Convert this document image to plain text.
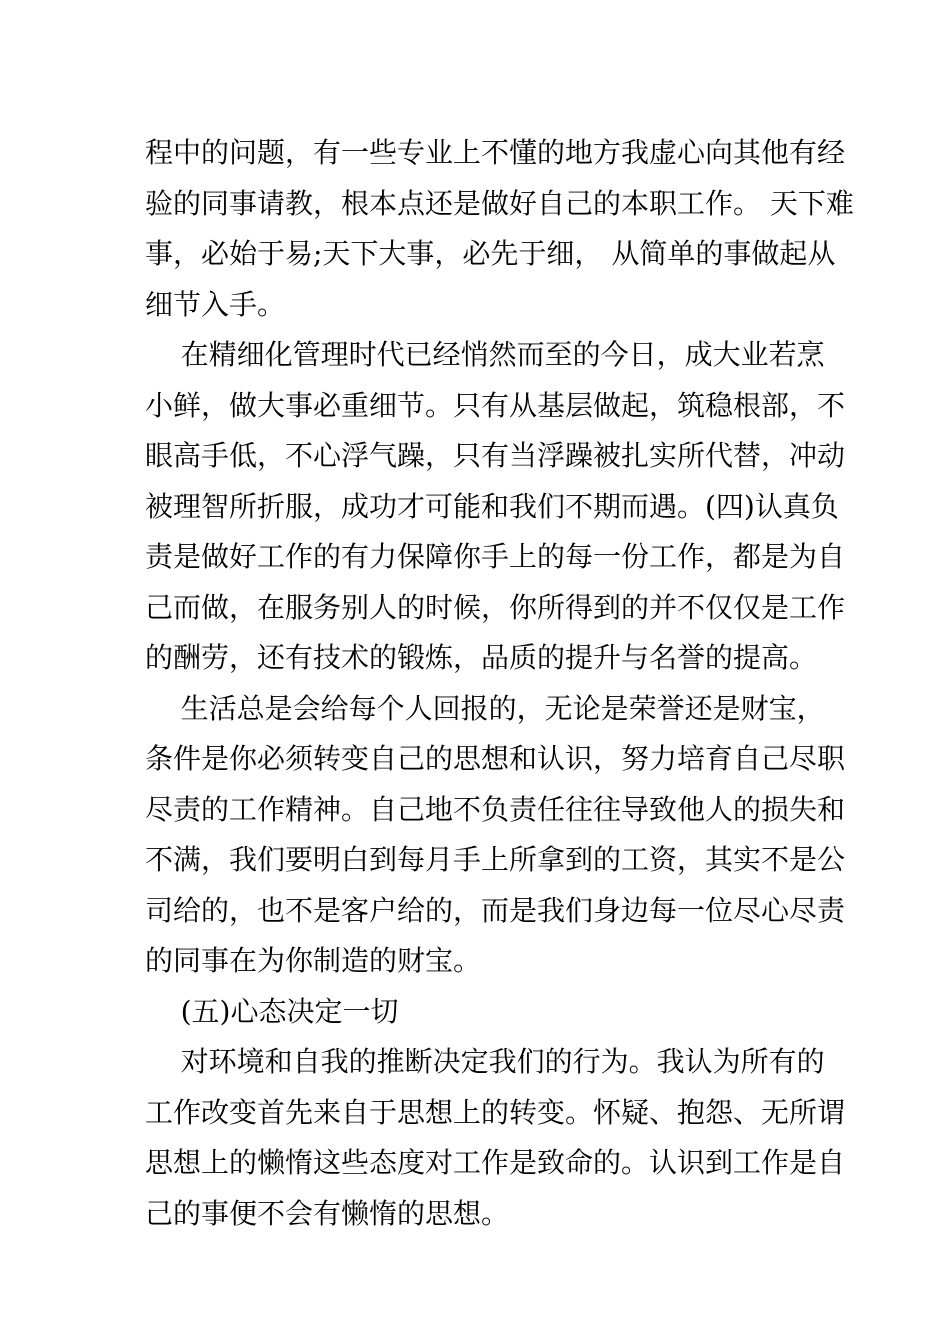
程中的问题，有一些专业上不懂的地方我虚心向其他有经
验的同事请教，根本点还是做好自己的本职工作。 天下难
事，必始于易;天下大事，必先于细， 从简单的事做起从
细节入手。

在精细化管理时代已经悄然而至的今日，成大业若烹
小鲜，做大事必重细节。只有从基层做起，筑稳根部，不
眼高手低，不心浮气躁，只有当浮躁被扎实所代替，冲动
被理智所折服，成功才可能和我们不期而遇。(四)认真负
责是做好工作的有力保障你手上的每一份工作，都是为自
己而做，在服务别人的时候，你所得到的并不仅仅是工作
的酬劳，还有技术的锻炼，品质的提升与名誉的提高。

生活总是会给每个人回报的，无论是荣誉还是财宝，
条件是你必须转变自己的思想和认识，努力培育自己尽职
尽责的工作精神。自己地不负责任往往导致他人的损失和
不满，我们要明白到每月手上所拿到的工资，其实不是公
司给的，也不是客户给的，而是我们身边每一位尽心尽责
的同事在为你制造的财宝。

(五)心态决定一切

对环境和自我的推断决定我们的行为。我认为所有的
工作改变首先来自于思想上的转变。怀疑、抱怨、无所谓
思想上的懒惰这些态度对工作是致命的。认识到工作是自
己的事便不会有懒惰的思想。
